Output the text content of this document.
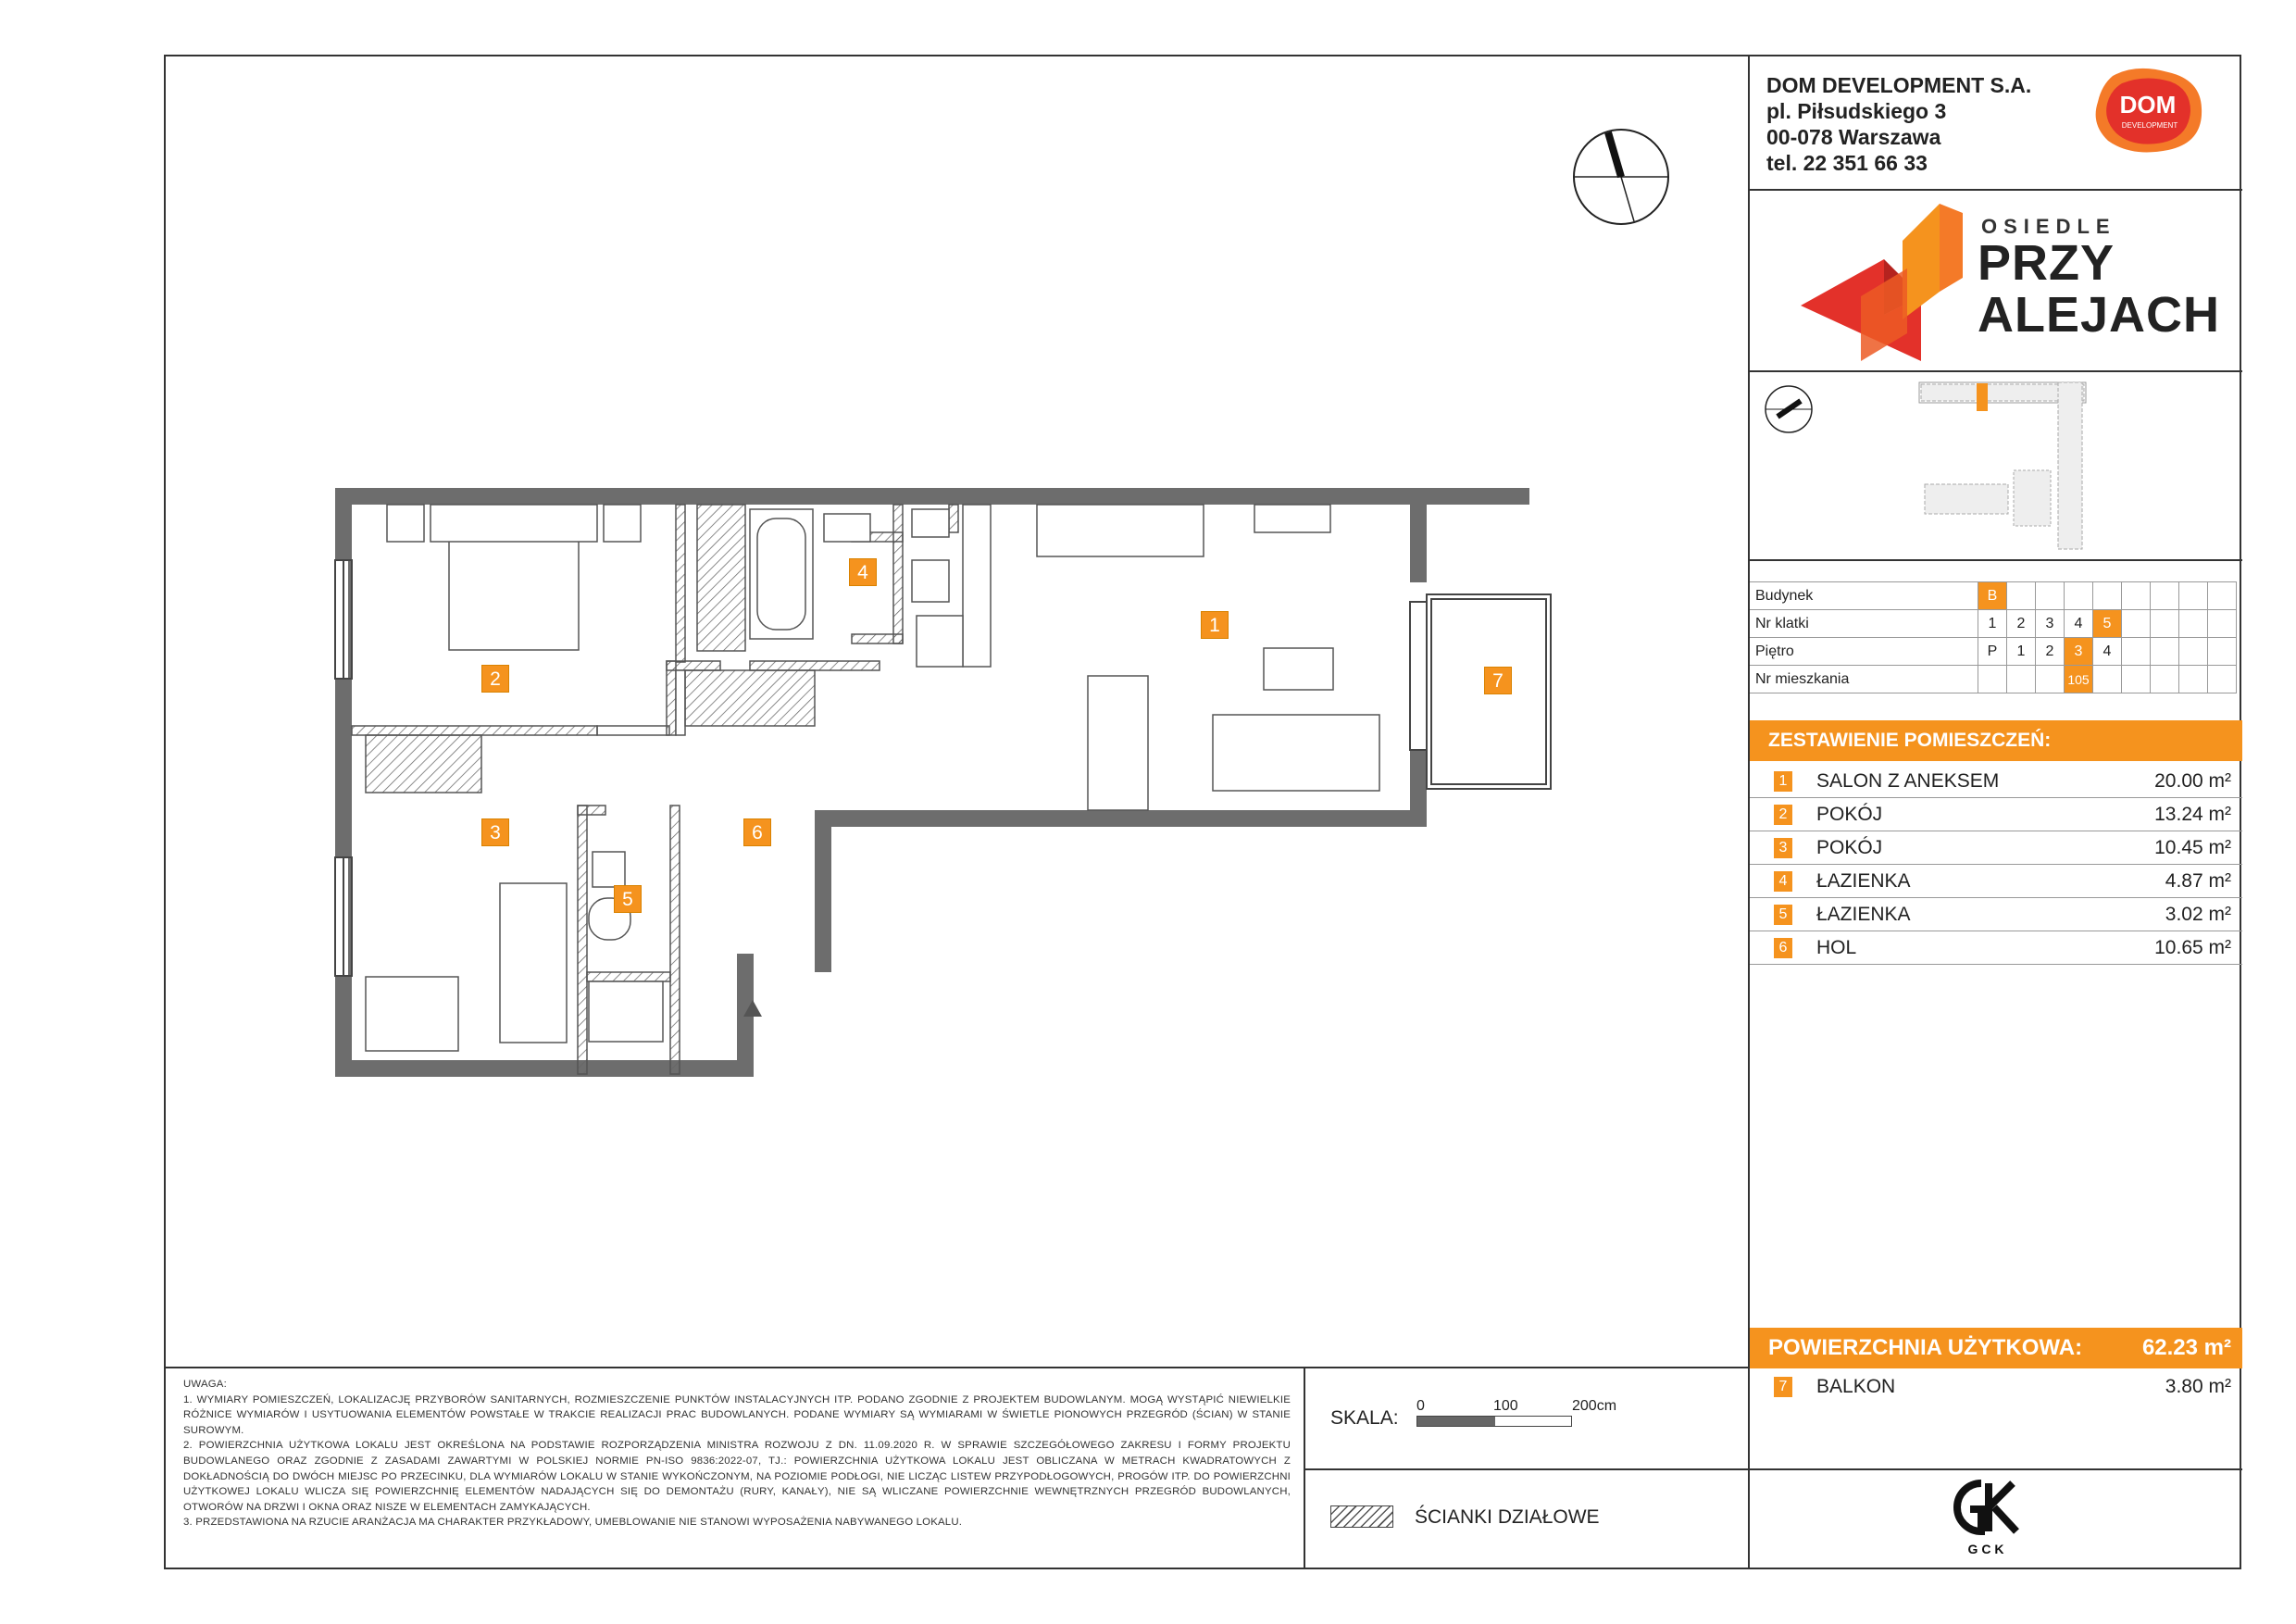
DOM DEVELOPMENT S.A.
pl. Piłsudskiego 3
00-078 Warszawa
tel. 22 351 66 33
DOM
DEVELOPMENT
OSIEDLE
PRZY
ALEJACH
Budynek	B								
Nr klatki	1	2	3	4	5				
Piętro	P	1	2	3	4				
Nr mieszkania				105					
ZESTAWIENIE POMIESZCZEŃ:
1 SALON Z ANEKSEM	20.00 m²
2 POKÓJ	13.24 m²
3 POKÓJ	10.45 m²
4 ŁAZIENKA	4.87 m²
5 ŁAZIENKA	3.02 m²
6 HOL	10.65 m²
POWIERZCHNIA UŻYTKOWA:	62.23 m²
7 BALKON	3.80 m²

UWAGA:

1. WYMIARY POMIESZCZEŃ, LOKALIZACJĘ PRZYBORÓW SANITARNYCH, ROZMIESZCZENIE PUNKTÓW INSTALACYJNYCH ITP. PODANO ZGODNIE Z PROJEKTEM BUDOWLANYM. MOGĄ WYSTĄPIĆ NIEWIELKIE RÓŻNICE WYMIARÓW I USYTUOWANIA ELEMENTÓW POWSTAŁE W TRAKCIE REALIZACJI PRAC BUDOWLANYCH. PODANE WYMIARY SĄ WYMIARAMI W ŚWIETLE PIONOWYCH PRZEGRÓD (ŚCIAN) W STANIE SUROWYM.

2. POWIERZCHNIA UŻYTKOWA LOKALU JEST OKREŚLONA NA PODSTAWIE ROZPORZĄDZENIA MINISTRA ROZWOJU Z DN. 11.09.2020 R. W SPRAWIE SZCZEGÓŁOWEGO ZAKRESU I FORMY PROJEKTU BUDOWLANEGO ORAZ ZGODNIE Z ZASADAMI ZAWARTYMI W POLSKIEJ NORMIE PN-ISO 9836:2022-07, TJ.: POWIERZCHNIA UŻYTKOWA LOKALU JEST OBLICZANA W METRACH KWADRATOWYCH Z DOKŁADNOŚCIĄ DO DWÓCH MIEJSC PO PRZECINKU, DLA WYMIARÓW LOKALU W STANIE WYKOŃCZONYM, NA POZIOMIE PODŁOGI, NIE LICZĄC LISTEW PRZYPODŁOGOWYCH, PROGÓW ITP. DO POWIERZCHNI UŻYTKOWEJ LOKALU WLICZA SIĘ POWIERZCHNIĘ ELEMENTÓW NADAJĄCYCH SIĘ DO DEMONTAŻU (RURY, KANAŁY), NIE SĄ WLICZANE POWIERZCHNIE WEWNĘTRZNYCH PRZEGRÓD BUDOWLANYCH, OTWORÓW NA DRZWI I OKNA ORAZ NISZE W ELEMENTACH ZAMYKAJĄCYCH.

3. PRZEDSTAWIONA NA RZUCIE ARANŻACJA MA CHARAKTER PRZYKŁADOWY, UMEBLOWANIE NIE STANOWI WYPOSAŻENIA NABYWANEGO LOKALU.

SKALA:
0	100	200cm
ŚCIANKI DZIAŁOWE
G C K
1
2
3
4
5
6
7
